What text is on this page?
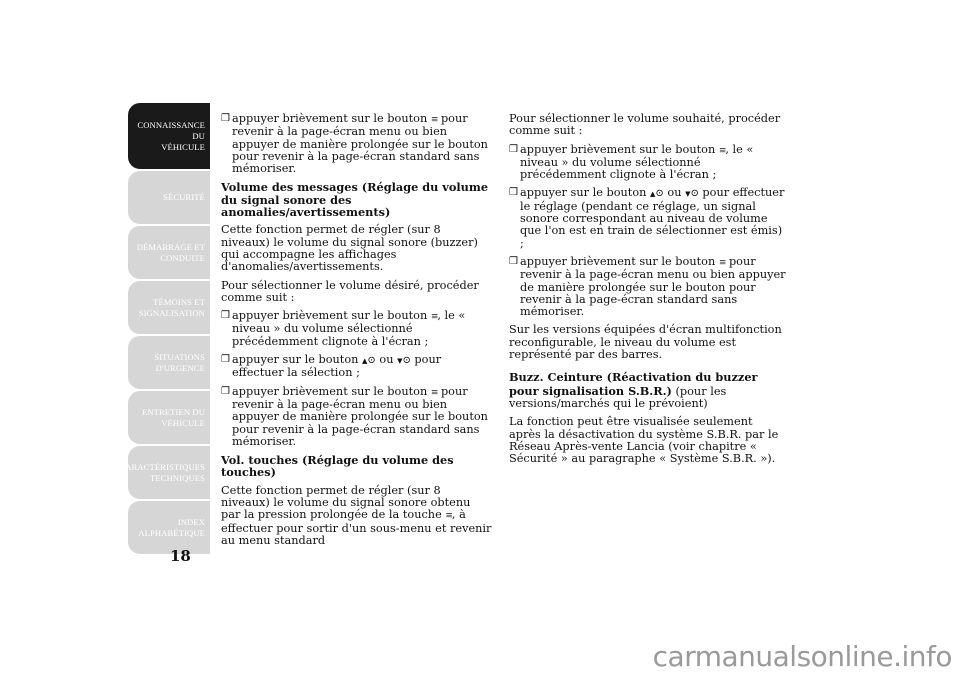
CONNAISSANCE DU
VÉHICULE
SÉCURITÉ
DÉMARRAGE ET
CONDUITE
TÉMOINS ET
SIGNALISATION
SITUATIONS
D'URGENCE
ENTRETIEN DU
VÉHICULE
CARACTÉRISTIQUES
TECHNIQUES
INDEX
ALPHABÉTIQUE
18
❒ appuyer brièvement sur le bouton ≡ pour revenir à la page-écran menu ou bien appuyer de manière prolongée sur le bouton pour revenir à la page-écran standard sans mémoriser.
Volume des messages (Réglage du volume du signal sonore des anomalies/avertissements)
Cette fonction permet de régler (sur 8 niveaux) le volume du signal sonore (buzzer) qui accompagne les affichages d'anomalies/avertissements.
Pour sélectionner le volume désiré, procéder comme suit :
❒ appuyer brièvement sur le bouton ≡, le « niveau » du volume sélectionné précédemment clignote à l'écran ;
❒ appuyer sur le bouton ▲⊙ ou ▼⊙ pour effectuer la sélection ;
❒ appuyer brièvement sur le bouton ≡ pour revenir à la page-écran menu ou bien appuyer de manière prolongée sur le bouton pour revenir à la page-écran standard sans mémoriser.
Vol. touches (Réglage du volume des touches)
Cette fonction permet de régler (sur 8 niveaux) le volume du signal sonore obtenu par la pression prolongée de la touche ≡, à effectuer pour sortir d'un sous-menu et revenir au menu standard
Pour sélectionner le volume souhaité, procéder comme suit :
❒ appuyer brièvement sur le bouton ≡, le « niveau » du volume sélectionné précédemment clignote à l'écran ;
❒ appuyer sur le bouton ▲⊙ ou ▼⊙ pour effectuer le réglage (pendant ce réglage, un signal sonore correspondant au niveau de volume que l'on est en train de sélectionner est émis) ;
❒ appuyer brièvement sur le bouton ≡ pour revenir à la page-écran menu ou bien appuyer de manière prolongée sur le bouton pour revenir à la page-écran standard sans mémoriser.
Sur les versions équipées d'écran multifonction reconfigurable, le niveau du volume est représenté par des barres.
Buzz. Ceinture (Réactivation du buzzer pour signalisation S.B.R.) (pour les versions/marchés qui le prévoient)
La fonction peut être visualisée seulement après la désactivation du système S.B.R. par le Réseau Après-vente Lancia (voir chapitre « Sécurité » au paragraphe « Système S.B.R. »).
carmanualsonline.info
